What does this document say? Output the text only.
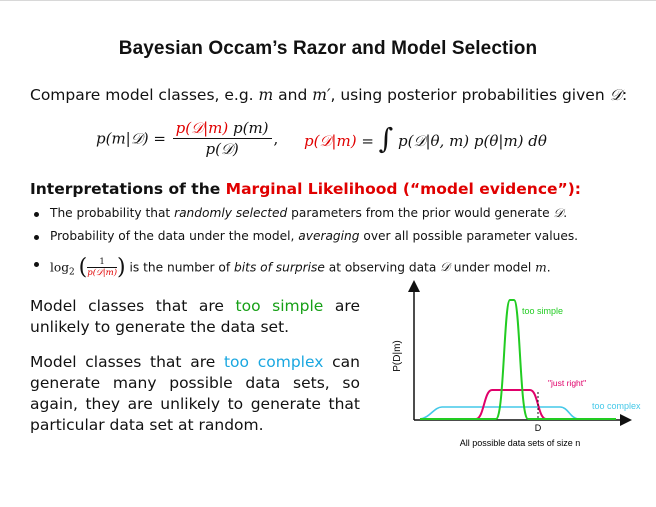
Bayesian Occam’s Razor and Model Selection
Compare model classes, e.g. m and m′, using posterior probabilities given 𝒟:
p(m|𝒟) = $\frac{\text{p(𝒟|m) p(m)}}{\text{p(𝒟)}}$ , p(𝒟|m) = ∫ p(𝒟|θ, m) p(θ|m) dθ
Interpretations of the Marginal Likelihood (“model evidence”):
The probability that randomly selected parameters from the prior would generate 𝒟.
Probability of the data under the model, averaging over all possible parameter values.
$\log_2$ ( $\frac{1}{\text{p(𝒟|m)}}$ ) is the number of bits of surprise at observing data 𝒟 under model m.
Model classes that are too simple are unlikely to generate the data set.
Model classes that are too complex can generate many possible data sets, so again, they are unlikely to generate that particular data set at random.
P(D|m)
All possible data sets of size n
D
too simple
"just right"
too complex
